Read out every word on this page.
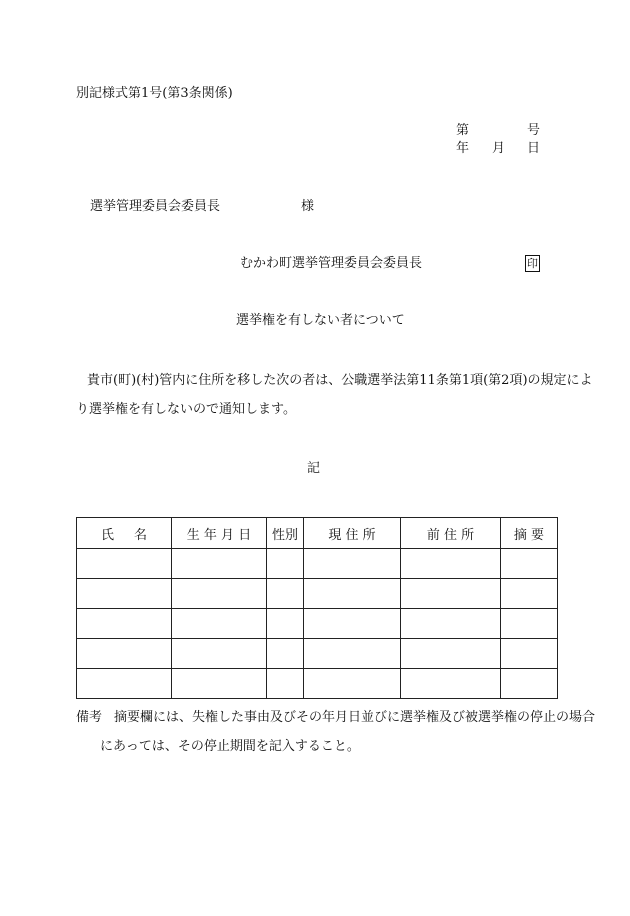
別記様式第1号(第3条関係)
第	号
年 月 日
選挙管理委員会委員長	様
むかわ町選挙管理委員会委員長	印
選挙権を有しない者について
貴市(町)(村)管内に住所を移した次の者は、公職選挙法第11条第1項(第2項)の規定によ
り選挙権を有しないので通知します。
記
氏 名	生 年 月 日	性別	現 住 所	前 住 所	摘 要

備考 摘要欄には、失権した事由及びその年月日並びに選挙権及び被選挙権の停止の場合
にあっては、その停止期間を記入すること。
